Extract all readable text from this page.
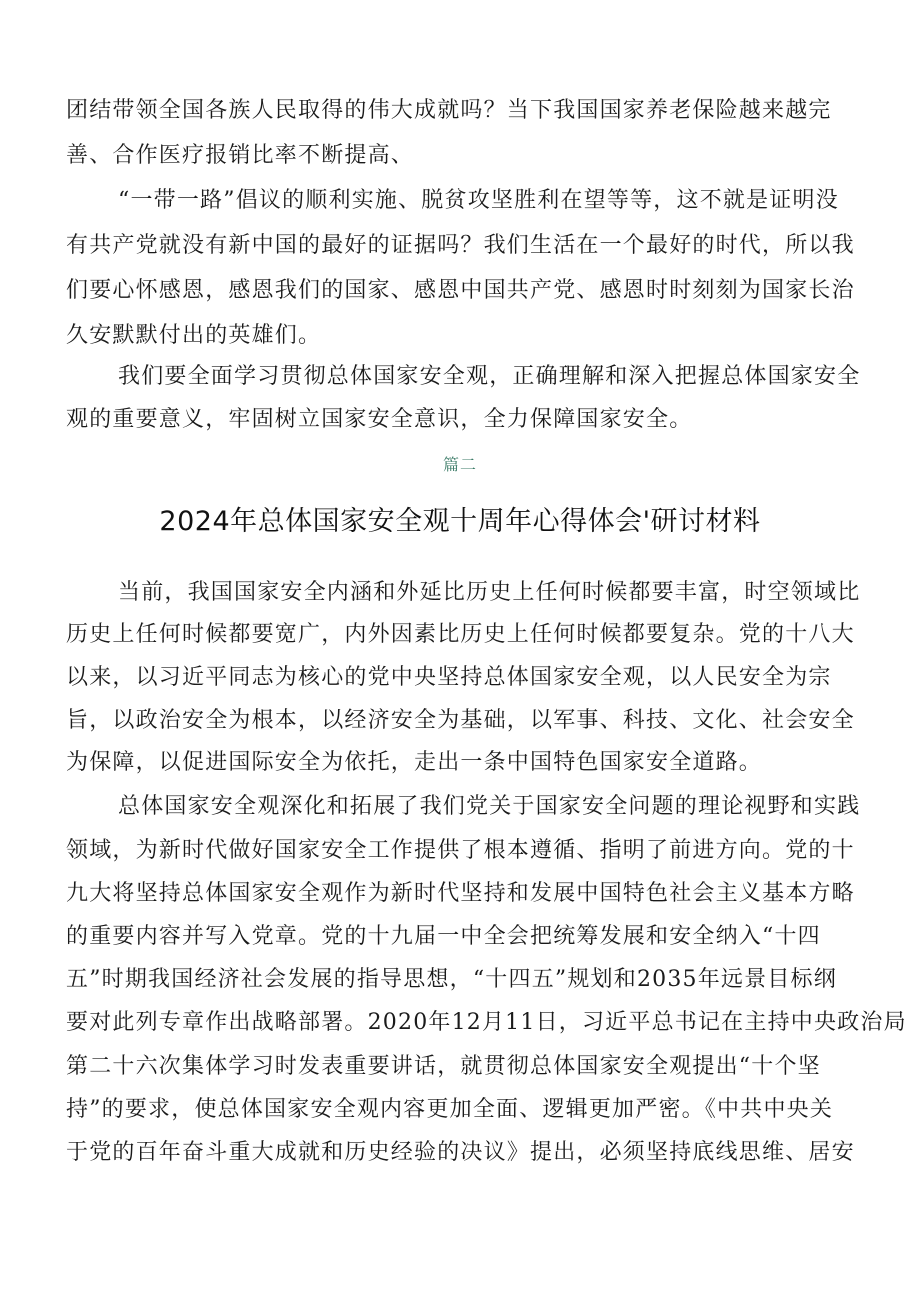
团结带领全国各族人民取得的伟大成就吗？当下我国国家养老保险越来越完
善、合作医疗报销比率不断提高、
“一带一路”倡议的顺利实施、脱贫攻坚胜利在望等等，这不就是证明没
有共产党就没有新中国的最好的证据吗？我们生活在一个最好的时代，所以我
们要心怀感恩，感恩我们的国家、感恩中国共产党、感恩时时刻刻为国家长治
久安默默付出的英雄们。
我们要全面学习贯彻总体国家安全观，正确理解和深入把握总体国家安全
观的重要意义，牢固树立国家安全意识，全力保障国家安全。
篇二
2024年总体国家安全观十周年心得体会'研讨材料
当前，我国国家安全内涵和外延比历史上任何时候都要丰富，时空领域比
历史上任何时候都要宽广，内外因素比历史上任何时候都要复杂。党的十八大
以来，以习近平同志为核心的党中央坚持总体国家安全观，以人民安全为宗
旨，以政治安全为根本，以经济安全为基础，以军事、科技、文化、社会安全
为保障，以促进国际安全为依托，走出一条中国特色国家安全道路。
总体国家安全观深化和拓展了我们党关于国家安全问题的理论视野和实践
领域，为新时代做好国家安全工作提供了根本遵循、指明了前进方向。党的十
九大将坚持总体国家安全观作为新时代坚持和发展中国特色社会主义基本方略
的重要内容并写入党章。党的十九届一中全会把统筹发展和安全纳入“十四
五”时期我国经济社会发展的指导思想，“十四五”规划和2035年远景目标纲
要对此列专章作出战略部署。2020年12月11日，习近平总书记在主持中央政治局
第二十六次集体学习时发表重要讲话，就贯彻总体国家安全观提出“十个坚
持”的要求，使总体国家安全观内容更加全面、逻辑更加严密。《中共中央关
于党的百年奋斗重大成就和历史经验的决议》提出，必须坚持底线思维、居安
